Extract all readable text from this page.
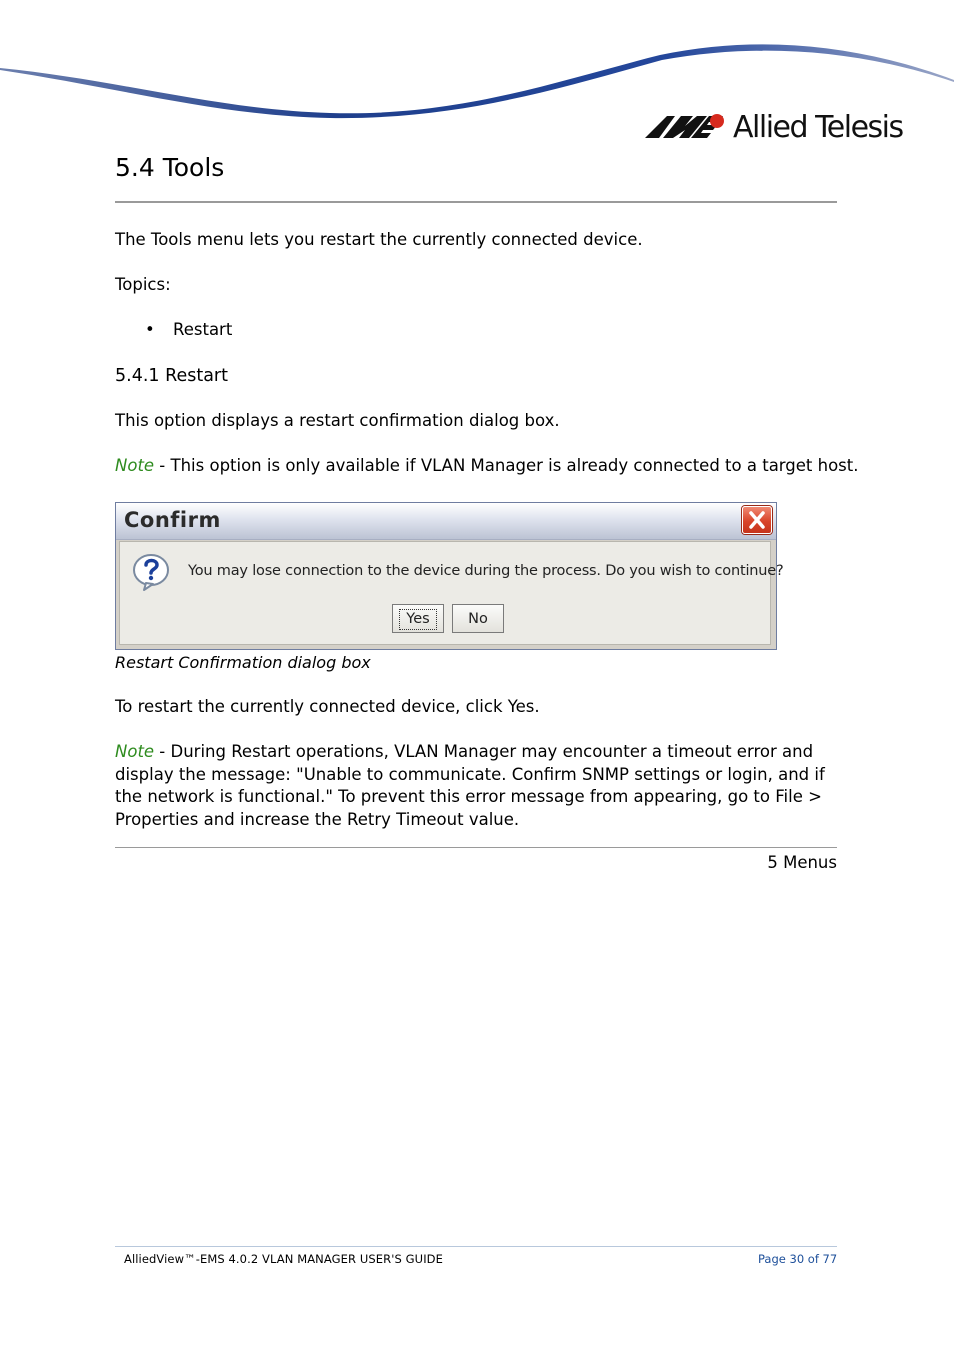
Allied Telesis
5.4 Tools

The Tools menu lets you restart the currently connected device.

Topics:

• Restart
5.4.1 Restart

This option displays a restart confirmation dialog box.

Note - This option is only available if VLAN Manager is already connected to a target host.

Confirm
You may lose connection to the device during the process. Do you wish to continue?
Yes	No
Restart Confirmation dialog box

To restart the currently connected device, click Yes.

Note - During Restart operations, VLAN Manager may encounter a timeout error and display the message: "Unable to communicate. Confirm SNMP settings or login, and if the network is functional." To prevent this error message from appearing, go to File > Properties and increase the Retry Timeout value.

5 Menus
AlliedView™-EMS 4.0.2 VLAN MANAGER USER'S GUIDE	Page 30 of 77
